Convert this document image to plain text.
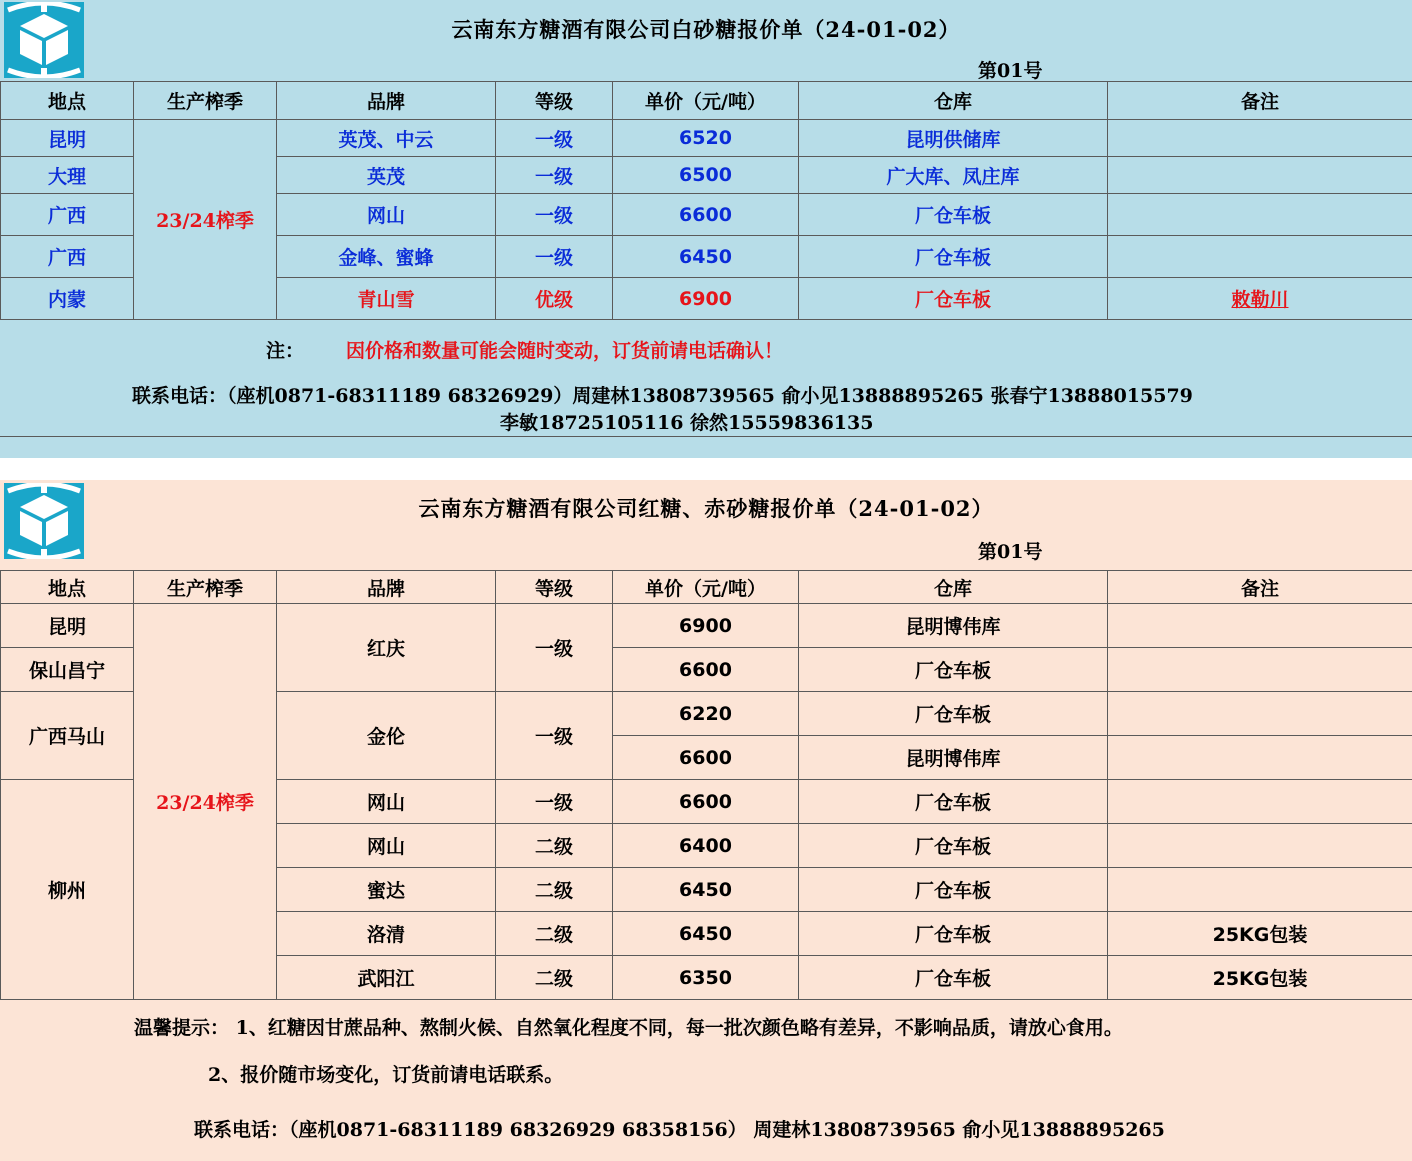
云南东方糖酒有限公司白砂糖报价单（24-01-02）
第01号
地点	生产榨季	品牌	等级	单价（元/吨）	仓库	备注
昆明	23/24榨季	英茂、中云	一级	6520	昆明供储库	
大理		英茂	一级	6500	广大库、凤庄库	
广西		网山	一级	6600	厂仓车板	
广西		金峰、蜜蜂	一级	6450	厂仓车板	
内蒙		青山雪	优级	6900	厂仓车板	敕勒川
注： 因价格和数量可能会随时变动，订货前请电话确认！
联系电话：（座机0871-68311189 68326929）周建林13808739565 俞小见13888895265 张春宁13888015579
李敏18725105116 徐然15559836135
云南东方糖酒有限公司红糖、赤砂糖报价单（24-01-02）
第01号
地点	生产榨季	品牌	等级	单价（元/吨）	仓库	备注
昆明	23/24榨季	红庆	一级	6900	昆明博伟库	
保山昌宁				6600	厂仓车板	
广西马山		金伦	一级	6220	厂仓车板	
				6600	昆明博伟库	
柳州		网山	一级	6600	厂仓车板	
		网山	二级	6400	厂仓车板	
		蜜达	二级	6450	厂仓车板	
		洛清	二级	6450	厂仓车板	25KG包装
		武阳江	二级	6350	厂仓车板	25KG包装
温馨提示： 1、红糖因甘蔗品种、熬制火候、自然氧化程度不同，每一批次颜色略有差异，不影响品质，请放心食用。
2、报价随市场变化，订货前请电话联系。
联系电话：（座机0871-68311189 68326929 68358156） 周建林13808739565 俞小见13888895265
